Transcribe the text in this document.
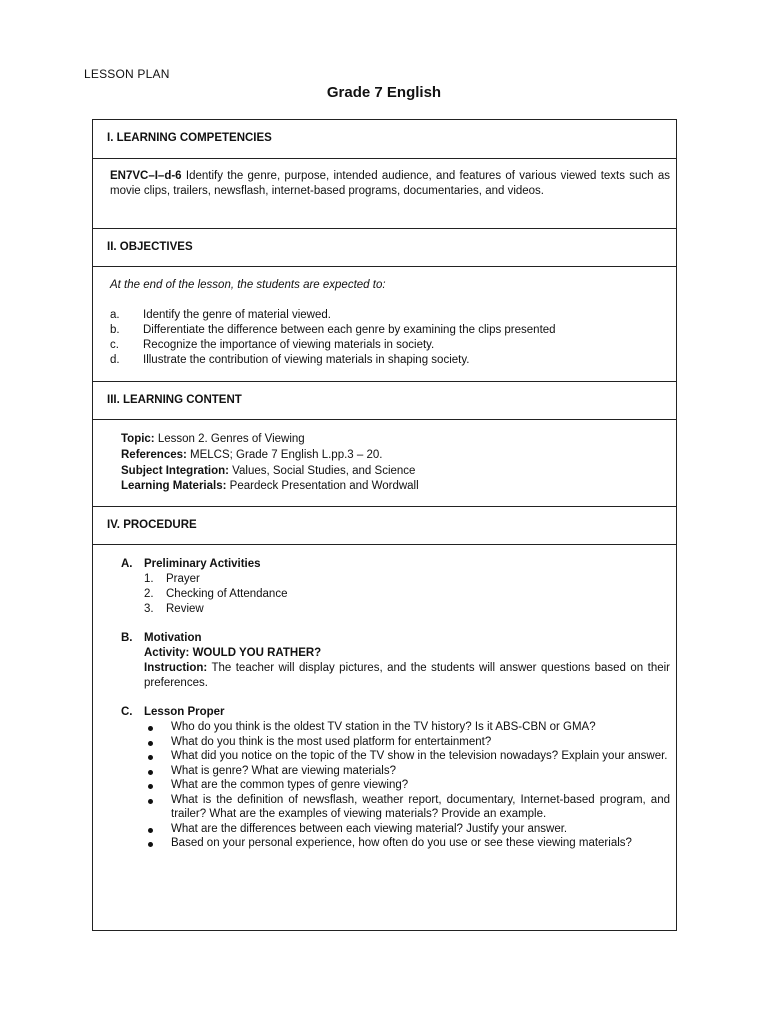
LESSON PLAN
Grade 7 English
I. LEARNING COMPETENCIES
EN7VC–I–d-6 Identify the genre, purpose, intended audience, and features of various viewed texts such as movie clips, trailers, newsflash, internet-based programs, documentaries, and videos.
II. OBJECTIVES
At the end of the lesson, the students are expected to:
a. Identify the genre of material viewed.
b. Differentiate the difference between each genre by examining the clips presented
c. Recognize the importance of viewing materials in society.
d. Illustrate the contribution of viewing materials in shaping society.
III. LEARNING CONTENT
Topic: Lesson 2. Genres of Viewing
References: MELCS; Grade 7 English L.pp.3 – 20.
Subject Integration: Values, Social Studies, and Science
Learning Materials: Peardeck Presentation and Wordwall
IV. PROCEDURE
A. Preliminary Activities
1. Prayer
2. Checking of Attendance
3. Review
B. Motivation
Activity: WOULD YOU RATHER?
Instruction: The teacher will display pictures, and the students will answer questions based on their preferences.
C. Lesson Proper
Who do you think is the oldest TV station in the TV history? Is it ABS-CBN or GMA?
What do you think is the most used platform for entertainment?
What did you notice on the topic of the TV show in the television nowadays? Explain your answer.
What is genre? What are viewing materials?
What are the common types of genre viewing?
What is the definition of newsflash, weather report, documentary, Internet-based program, and trailer? What are the examples of viewing materials? Provide an example.
What are the differences between each viewing material? Justify your answer.
Based on your personal experience, how often do you use or see these viewing materials?
